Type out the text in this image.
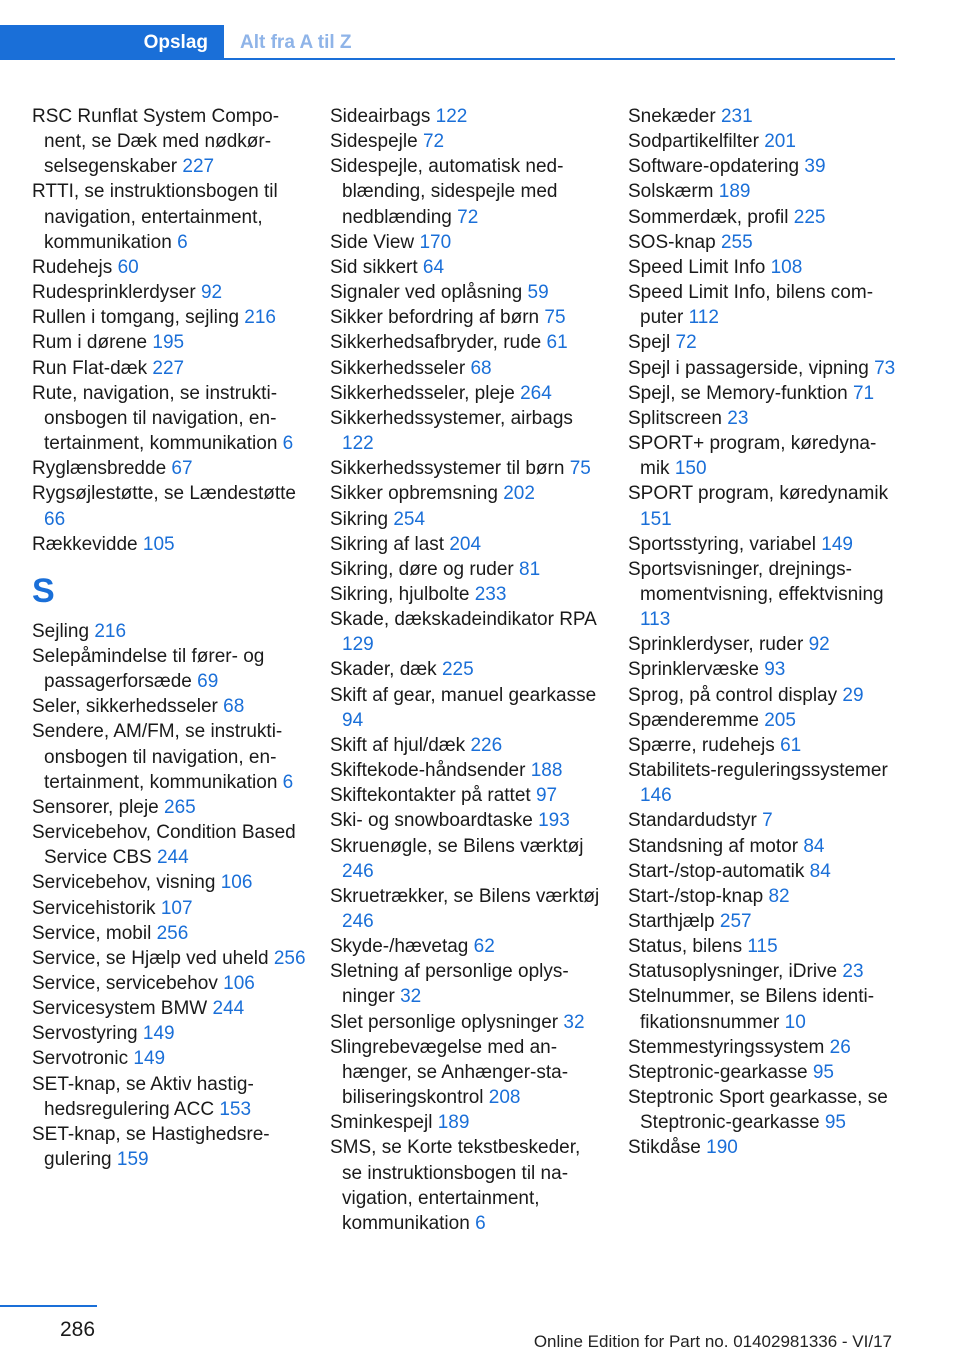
Opslag	Alt fra A til Z
RSC Runflat System Component, se Dæk med nødkørselsegenskaber 227
RTTI, se instruktionsbogen til navigation, entertainment, kommunikation 6
Rudehejs 60
Rudesprinklerdyser 92
Rullen i tomgang, sejling 216
Rum i dørene 195
Run Flat-dæk 227
Rute, navigation, se instruktionsbogen til navigation, entertainment, kommunikation 6
Ryglænsbredde 67
Rygsøjlestøtte, se Lændestøtte 66
Rækkevidde 105
S
Sejling 216
Selepåmindelse til fører- og passagerforsæde 69
Seler, sikkerhedsseler 68
Sendere, AM/FM, se instruktionsbogen til navigation, entertainment, kommunikation 6
Sensorer, pleje 265
Servicebehov, Condition Based Service CBS 244
Servicebehov, visning 106
Servicehistorik 107
Service, mobil 256
Service, se Hjælp ved uheld 256
Service, servicebehov 106
Servicesystem BMW 244
Servostyring 149
Servotronic 149
SET-knap, se Aktiv hastighedsregulering ACC 153
SET-knap, se Hastighedsregulering 159
Sideairbags 122
Sidespejle 72
Sidespejle, automatisk nedblænding, sidespejle med nedblænding 72
Side View 170
Sid sikkert 64
Signaler ved oplåsning 59
Sikker befordring af børn 75
Sikkerhedsafbryder, rude 61
Sikkerhedsseler 68
Sikkerhedsseler, pleje 264
Sikkerhedssystemer, airbags 122
Sikkerhedssystemer til børn 75
Sikker opbremsning 202
Sikring 254
Sikring af last 204
Sikring, døre og ruder 81
Sikring, hjulbolte 233
Skade, dækskadeindikator RPA 129
Skader, dæk 225
Skift af gear, manuel gearkasse 94
Skift af hjul/dæk 226
Skiftekode-håndsender 188
Skiftekontakter på rattet 97
Ski- og snowboardtaske 193
Skruenøgle, se Bilens værktøj 246
Skruetrækker, se Bilens værktøj 246
Skyde-/hævetag 62
Sletning af personlige oplysninger 32
Slet personlige oplysninger 32
Slingrebevægelse med anhænger, se Anhænger-stabiliseringskontrol 208
Sminkespejl 189
SMS, se Korte tekstbeskeder, se instruktionsbogen til navigation, entertainment, kommunikation 6
Snekæder 231
Sodpartikelfilter 201
Software-opdatering 39
Solskærm 189
Sommerdæk, profil 225
SOS-knap 255
Speed Limit Info 108
Speed Limit Info, bilens computer 112
Spejl 72
Spejl i passagerside, vipning 73
Spejl, se Memory-funktion 71
Splitscreen 23
SPORT+ program, køredynamik 150
SPORT program, køredynamik 151
Sportsstyring, variabel 149
Sportsvisninger, drejningsmomentvisning, effektvisning 113
Sprinklerdyser, ruder 92
Sprinklervæske 93
Sprog, på control display 29
Spænderemme 205
Spærre, rudehejs 61
Stabilitets-reguleringssystemer 146
Standardudstyr 7
Standsning af motor 84
Start-/stop-automatik 84
Start-/stop-knap 82
Starthjælp 257
Status, bilens 115
Statusoplysninger, iDrive 23
Stelnummer, se Bilens identifikationsnummer 10
Stemmestyringssystem 26
Steptronic-gearkasse 95
Steptronic Sport gearkasse, se Steptronic-gearkasse 95
Stikdåse 190
286
Online Edition for Part no. 01402981336 - VI/17
